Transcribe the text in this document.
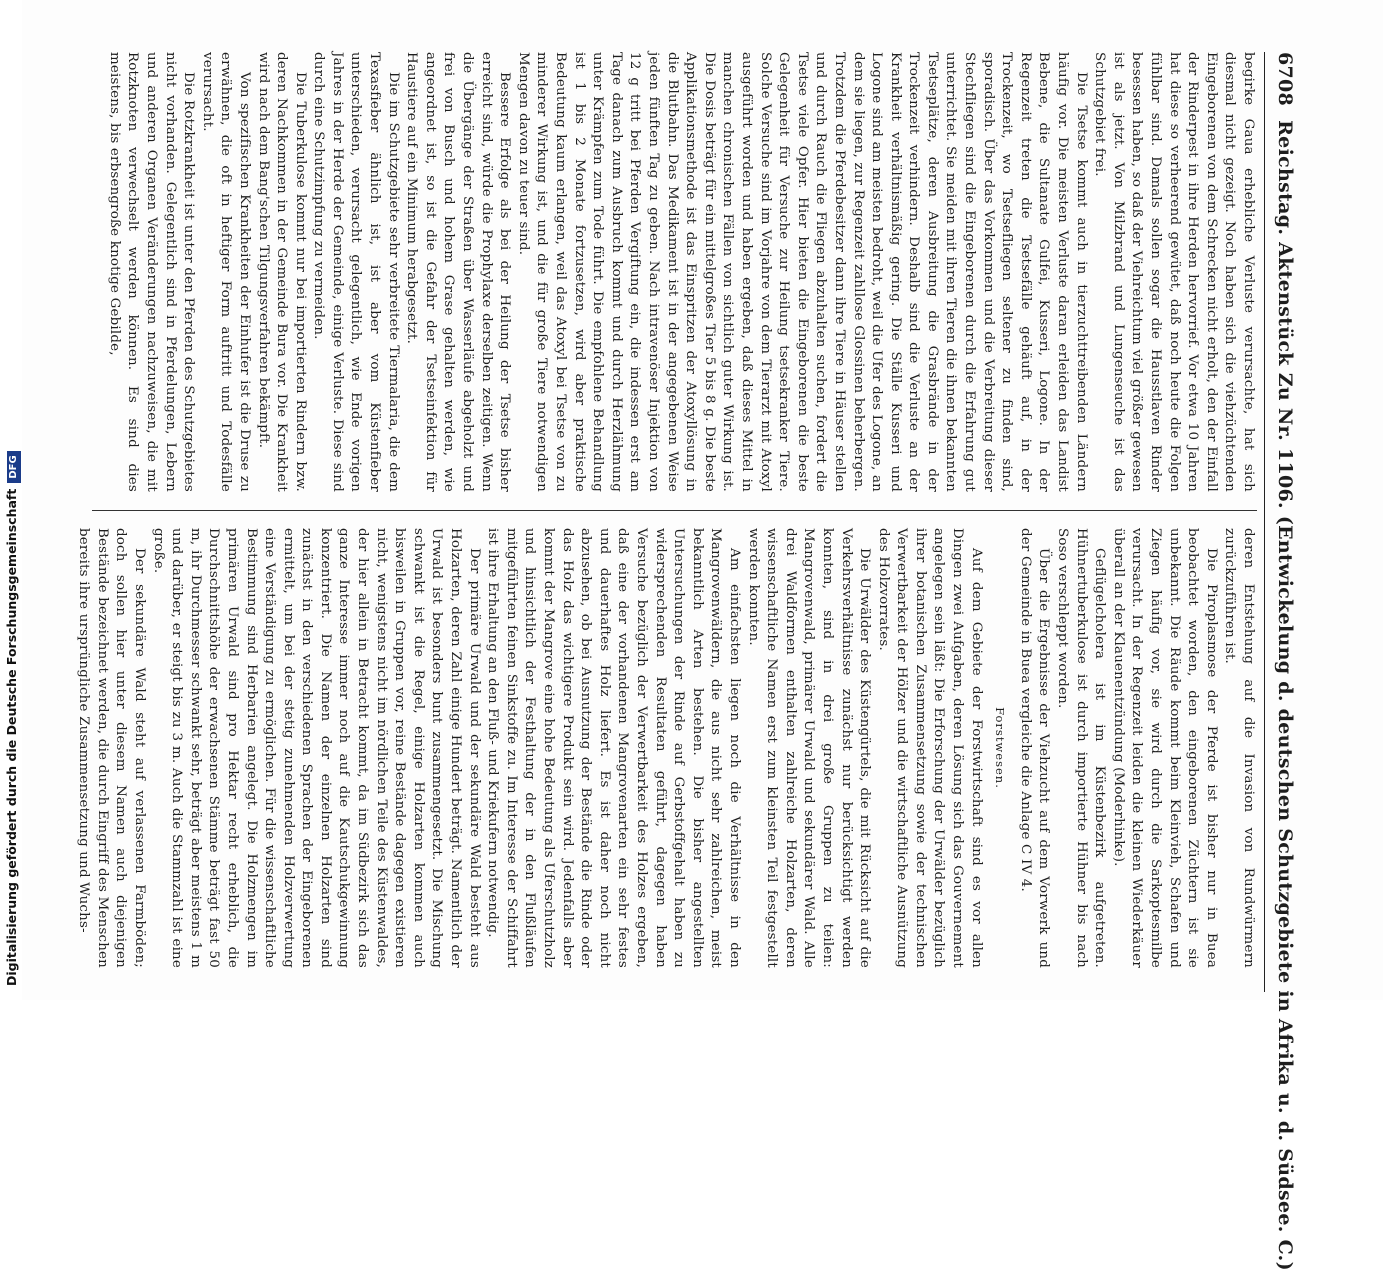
Digitalisierung gefördert durch die Deutsche ForschungsgemeinschaftDFG
6708
Reichstag. Aktenstück Zu Nr. 1106. (Entwickelung d. deutschen Schutzgebiete in Afrika u. d. Südsee. C.)

begirke Gaua erhebliche Verluste verursachte, hat sich diesmal nicht gezeigt. Noch haben sich die viehzüchtenden Eingeborenen von dem Schrecken nicht erholt, den der Einfall der Rinderpest in ihre Herden hervorrief. Vor etwa 10 Jahren hat diese so verheerend gewütet, daß noch heute die Folgen fühlbar sind. Damals sollen sogar die Hausstlaven Rinder besessen haben, so daß der Viehreichtum viel größer gewesen ist als jetzt. Von Milzbrand und Lungenseuche ist das Schutzgebiet frei.

Die Tsetse kommt auch in tierzuchttreibenden Ländern häufig vor. Die meisten Verluste daran erleiden das Landist Bebene, die Sultanate Gulfei, Kusseri, Logone. In der Regenzeit treten die Tsetsefälle gehäuft auf, in der Trockenzeit, wo Tsetsefliegen seltener zu finden sind, sporadisch. Über das Vorkommen und die Verbreitung dieser Stechfliegen sind die Eingeborenen durch die Erfahrung gut unterrichtet. Sie meiden mit ihren Tieren die ihnen bekannten Tsetseplätze, deren Ausbreitung die Grasbrände in der Trockenzeit verhindern. Deshalb sind die Verluste an der Krankheit verhältnismäßig gering. Die Ställe Kusseri und Logone sind am meisten bedroht, weil die Ufer des Logone, an dem sie liegen, zur Regenzeit zahllose Glossinen beherbergen. Trotzdem die Pferdebesitzer dann ihre Tiere in Häuser stellen und durch Rauch die Fliegen abzuhalten suchen, fordert die Tsetse viele Opfer. Hier bieten die Eingeborenen die beste Gelegenheit für Versuche zur Heilung tsetsekranker Tiere. Solche Versuche sind im Vorjahre von dem Tierarzt mit Atoxyl ausgeführt worden und haben ergeben, daß dieses Mittel in manchen chronischen Fällen von sichtlich guter Wirkung ist. Die Dosis beträgt für ein mittelgroßes Tier 5 bis 8 g. Die beste Applikationsmethode ist das Einspritzen der Atoxyllösung in die Blutbahn. Das Medikament ist in der angegebenen Weise jeden fünften Tag zu geben. Nach intravenöser Injektion von 12 g tritt bei Pferden Vergiftung ein, die indessen erst am Tage danach zum Ausbruch kommt und durch Herzlähmung unter Krämpfen zum Tode führt. Die empfohlene Behandlung ist 1 bis 2 Monate fortzusetzen, wird aber praktische Bedeutung kaum erlangen, weil das Atoxyl bei Tsetse von zu minderer Wirkung ist, und die für große Tiere notwendigen Mengen davon zu teuer sind.

Bessere Erfolge als bei der Heilung der Tsetse bisher erreicht sind, würde die Prophylaxe derselben zeitigen. Wenn die Übergänge der Straßen über Wasserläufe abgeholzt und frei von Busch und hohem Grase gehalten werden, wie angeordnet ist, so ist die Gefahr der Tsetseinfektion für Haustiere auf ein Minimum herabgesetzt.

Die im Schutzgebiete sehr verbreitete Tiermalaria, die dem Texasfieber ähnlich ist, ist aber vom Küstenfieber unterschieden, verursacht gelegentlich, wie Ende vorigen Jahres in der Herde der Gemeinde, einige Verluste. Diese sind durch eine Schutzimpfung zu vermeiden.

Die Tuberkulose kommt nur bei importierten Rindern bzw. deren Nachkommen in der Gemeinde Bura vor. Die Krankheit wird nach dem Bang'schen Tilgungsverfahren bekämpft.

Von spezifischen Krankheiten der Einhufer ist die Druse zu erwähnen, die oft in heftiger Form auftritt und Todesfälle verursacht.

Die Rotzkrankheit ist unter den Pferden des Schutzgebietes nicht vorhanden. Gelegentlich sind in Pferdelungen, Lebern und anderen Organen Veränderungen nachzuweisen, die mit Rotzknoten verwechselt werden können. Es sind dies meistens, bis erbsengroße knotige Gebilde,

deren Entstehung auf die Invasion von Rundwürmern zurückzuführen ist.

Die Piroplasmose der Pferde ist bisher nur in Buea beobachtet worden, den eingeborenen Züchtern ist sie unbekannt. Die Räude kommt beim Kleinvieh, Schafen und Ziegen häufig vor, sie wird durch die Sarkoptesmilbe verursacht. In der Regenzeit leiden die kleinen Wiederkäuer überall an der Klauenentzündung (Moderhinke).

Geflügelcholera ist im Küstenbezirk aufgetreten. Hühnertuberkulose ist durch importierte Hühner bis nach Soso verschleppt worden.

Über die Ergebnisse der Viehzucht auf dem Vorwerk und der Gemeinde in Buea vergleiche die Anlage C IV 4.

Forstwesen.

Auf dem Gebiete der Forstwirtschaft sind es vor allen Dingen zwei Aufgaben, deren Lösung sich das Gouvernement angelegen sein läßt: Die Erforschung der Urwälder bezüglich ihrer botanischen Zusammensetzung sowie der technischen Verwertbarkeit der Hölzer und die wirtschaftliche Ausnützung des Holzvorrates.

Die Urwälder des Küstengürtels, die mit Rücksicht auf die Verkehrsverhältnisse zunächst nur berücksichtigt werden konnten, sind in drei große Gruppen zu teilen: Mangrovenwald, primärer Urwald und sekundärer Wald. Alle drei Waldformen enthalten zahlreiche Holzarten, deren wissenschaftliche Namen erst zum kleinsten Teil festgestellt werden konnten.

Am einfachsten liegen noch die Verhältnisse in den Mangrovenwäldern, die aus nicht sehr zahlreichen, meist bekanntlich Arten bestehen. Die bisher angestellten Untersuchungen der Rinde auf Gerbstoffgehalt haben zu widersprechenden Resultaten geführt, dagegen haben Versuche bezüglich der Verwertbarkeit des Holzes ergeben, daß eine der vorhandenen Mangrovenarten ein sehr festes und dauerhaftes Holz liefert. Es ist daher noch nicht abzusehen, ob bei Ausnutzung der Bestände die Rinde oder das Holz das wichtigere Produkt sein wird. Jedenfalls aber kommt der Mangrove eine hohe Bedeutung als Uferschutzholz und hinsichtlich der Festhaltung der in den Flußläufen mitgeführten feinen Sinkstoffe zu. Im Interesse der Schiffahrt ist ihre Erhaltung an den Fluß- und Kriekufern notwendig.

Der primäre Urwald und der sekundäre Wald besteht aus Holzarten, deren Zahl einige Hundert beträgt. Namentlich der Urwald ist besonders bunt zusammengesetzt. Die Mischung schwankt ist die Regel, einige Holzarten kommen auch bisweilen in Gruppen vor, reine Bestände dagegen existieren nicht, wenigstens nicht im nördlichen Teile des Küstenwaldes, der hier allein in Betracht kommt, da im Südbezirk sich das ganze Interesse immer noch auf die Kautschukgewinnung konzentriert. Die Namen der einzelnen Holzarten sind zunächst in den verschiedenen Sprachen der Eingeborenen ermittelt, um bei der stetig zunehmenden Holzverwertung eine Verständigung zu ermöglichen. Für die wissenschaftliche Bestimmung sind Herbarien angelegt. Die Holzmengen im primären Urwald sind pro Hektar recht erheblich, die Durchschnittshöhe der erwachsenen Stämme beträgt fast 50 m, ihr Durchmesser schwankt sehr, beträgt aber meistens 1 m und darüber, er steigt bis zu 3 m. Auch die Stammzahl ist eine große.

Der sekundäre Wald steht auf verlassenen Farmböden; doch sollen hier unter diesem Namen auch diejenigen Bestände bezeichnet werden, die durch Eingriff des Menschen bereits ihre ursprüngliche Zusammensetzung und Wuchs-
